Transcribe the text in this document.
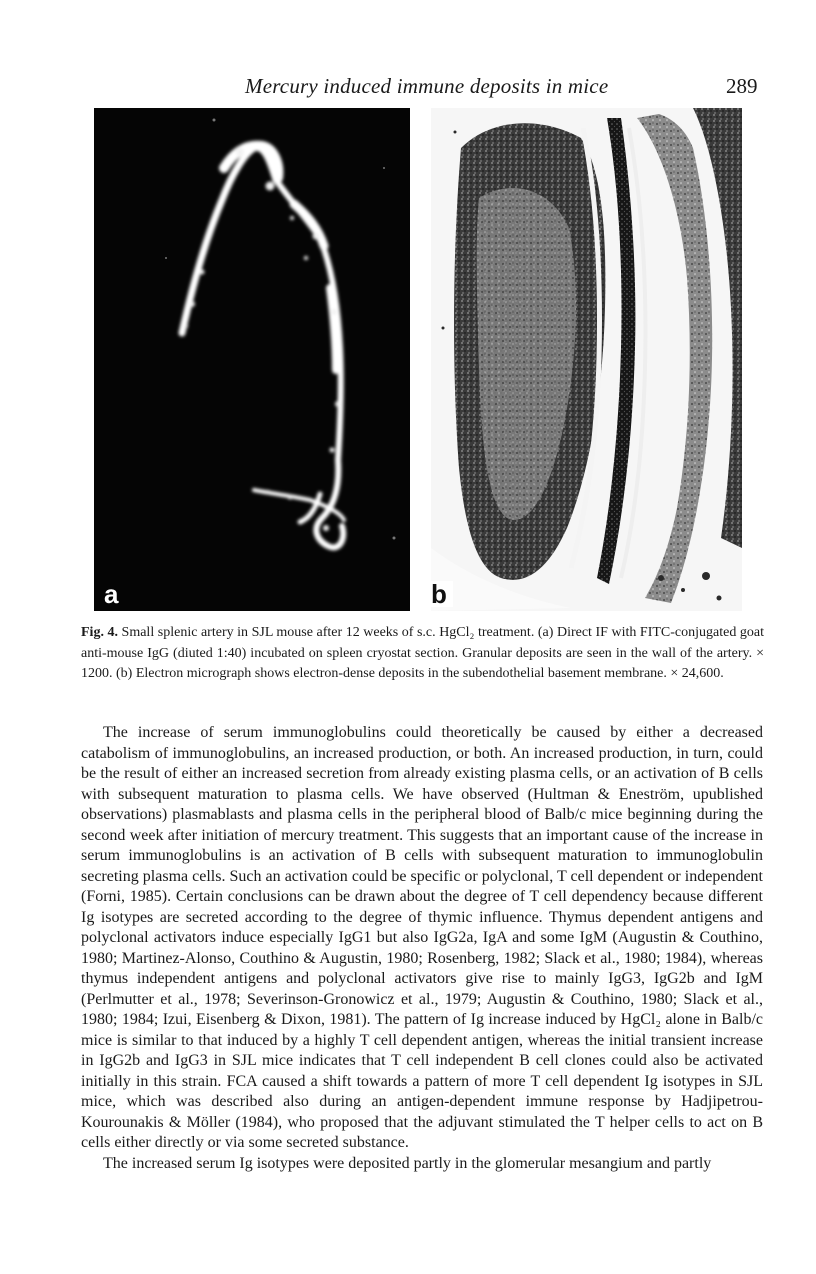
Mercury induced immune deposits in mice	289
a	b
Fig. 4. Small splenic artery in SJL mouse after 12 weeks of s.c. HgCl₂ treatment. (a) Direct IF with FITC-conjugated goat anti-mouse IgG (diuted 1:40) incubated on spleen cryostat section. Granular deposits are seen in the wall of the artery. × 1200. (b) Electron micrograph shows electron-dense deposits in the subendothelial basement membrane. × 24,600.

The increase of serum immunoglobulins could theoretically be caused by either a decreased catabolism of immunoglobulins, an increased production, or both. An increased production, in turn, could be the result of either an increased secretion from already existing plasma cells, or an activation of B cells with subsequent maturation to plasma cells. We have observed (Hultman & Eneström, upublished observations) plasmablasts and plasma cells in the peripheral blood of Balb/c mice beginning during the second week after initiation of mercury treatment. This suggests that an important cause of the increase in serum immunoglobulins is an activation of B cells with subsequent maturation to immunoglobulin secreting plasma cells. Such an activation could be specific or polyclonal, T cell dependent or independent (Forni, 1985). Certain conclusions can be drawn about the degree of T cell dependency because different Ig isotypes are secreted according to the degree of thymic influence. Thymus dependent antigens and polyclonal activators induce especially IgG1 but also IgG2a, IgA and some IgM (Augustin & Couthino, 1980; Martinez-Alonso, Couthino & Augustin, 1980; Rosenberg, 1982; Slack et al., 1980; 1984), whereas thymus independent antigens and polyclonal activators give rise to mainly IgG3, IgG2b and IgM (Perlmutter et al., 1978; Severinson-Gronowicz et al., 1979; Augustin & Couthino, 1980; Slack et al., 1980; 1984; Izui, Eisenberg & Dixon, 1981). The pattern of Ig increase induced by HgCl₂ alone in Balb/c mice is similar to that induced by a highly T cell dependent antigen, whereas the initial transient increase in IgG2b and IgG3 in SJL mice indicates that T cell independent B cell clones could also be activated initially in this strain. FCA caused a shift towards a pattern of more T cell dependent Ig isotypes in SJL mice, which was described also during an antigen-dependent immune response by Hadjipetrou-Kourounakis & Möller (1984), who proposed that the adjuvant stimulated the T helper cells to act on B cells either directly or via some secreted substance.

The increased serum Ig isotypes were deposited partly in the glomerular mesangium and partly
